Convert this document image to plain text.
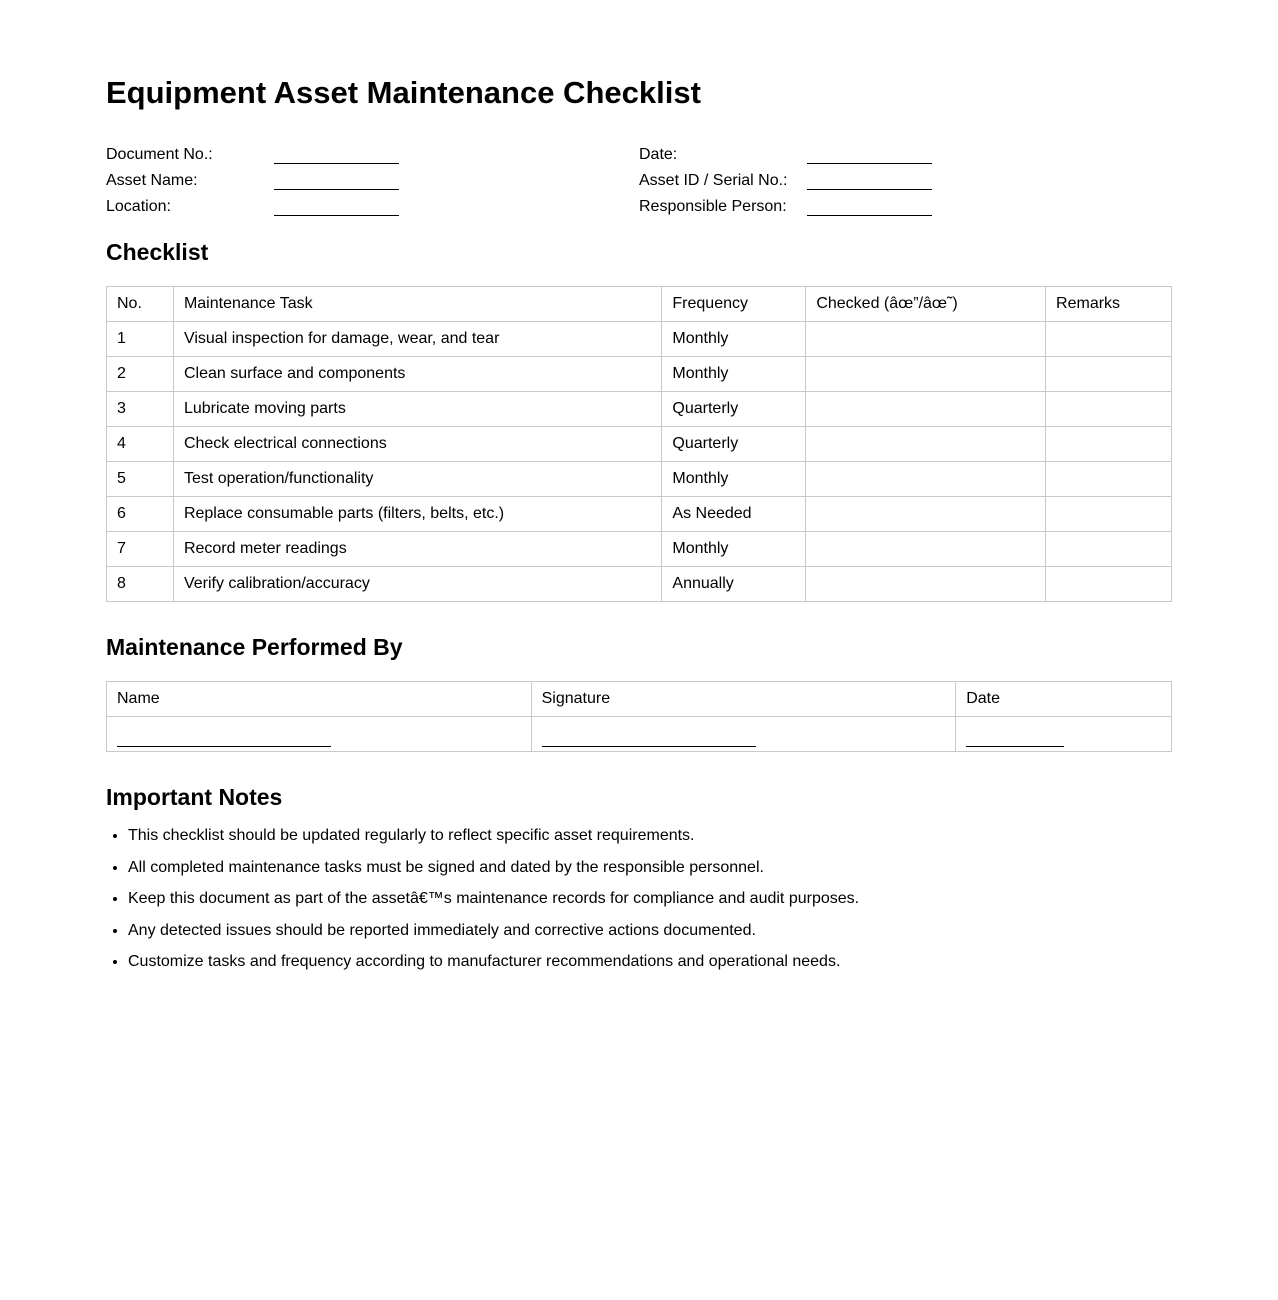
Equipment Asset Maintenance Checklist
Document No.:
Asset Name:
Location:
Date:
Asset ID / Serial No.:
Responsible Person:
Checklist
No.	Maintenance Task	Frequency	Checked (âœ”/âœ˜)	Remarks
1	Visual inspection for damage, wear, and tear	Monthly		
2	Clean surface and components	Monthly		
3	Lubricate moving parts	Quarterly		
4	Check electrical connections	Quarterly		
5	Test operation/functionality	Monthly		
6	Replace consumable parts (filters, belts, etc.)	As Needed		
7	Record meter readings	Monthly		
8	Verify calibration/accuracy	Annually		
Maintenance Performed By
Name	Signature	Date

Important Notes
• This checklist should be updated regularly to reflect specific asset requirements.
• All completed maintenance tasks must be signed and dated by the responsible personnel.
• Keep this document as part of the assetâ€™s maintenance records for compliance and audit purposes.
• Any detected issues should be reported immediately and corrective actions documented.
• Customize tasks and frequency according to manufacturer recommendations and operational needs.
